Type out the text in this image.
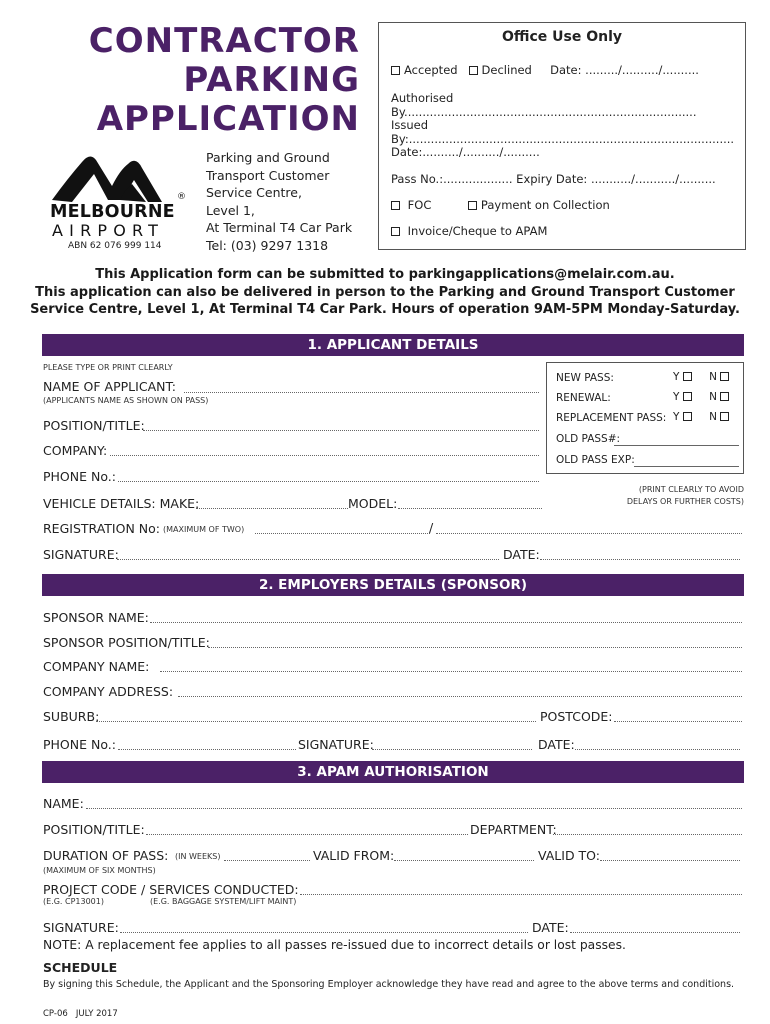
CONTRACTOR
PARKING
APPLICATION
MELBOURNE
®
AIRPORT
ABN 62 076 999 114
Parking and Ground
Transport Customer
Service Centre,
Level 1,
At Terminal T4 Car Park
Tel: (03) 9297 1318
Office Use Only
Accepted Declined Date: ........./........../..........
Authorised By................................................................................
Issued By:.........................................................................................
Date:........../........../..........
Pass No.:................... Expiry Date: .........../.........../..........
FOC	Payment on Collection
Invoice/Cheque to APAM
This Application form can be submitted to parkingapplications@melair.com.au.
This application can also be delivered in person to the Parking and Ground Transport Customer
Service Centre, Level 1, At Terminal T4 Car Park. Hours of operation 9AM-5PM Monday-Saturday.
1. APPLICANT DETAILS
PLEASE TYPE OR PRINT CLEARLY
NAME OF APPLICANT:
(APPLICANTS NAME AS SHOWN ON PASS)
POSITION/TITLE:
COMPANY:
PHONE No.:
VEHICLE DETAILS: MAKE:	MODEL:
REGISTRATION No: (MAXIMUM OF TWO)	/
SIGNATURE:	DATE:
NEW PASS:	Y	N
RENEWAL:	Y	N
REPLACEMENT PASS: Y	N
OLD PASS#:
OLD PASS EXP:
(PRINT CLEARLY TO AVOID
DELAYS OR FURTHER COSTS)
2. EMPLOYERS DETAILS (SPONSOR)
SPONSOR NAME:
SPONSOR POSITION/TITLE:
COMPANY NAME:
COMPANY ADDRESS:
SUBURB:	POSTCODE:
PHONE No.:	SIGNATURE:	DATE:
3. APAM AUTHORISATION
NAME:
POSITION/TITLE:	DEPARTMENT:
DURATION OF PASS: (IN WEEKS)	VALID FROM:	VALID TO:
(MAXIMUM OF SIX MONTHS)
PROJECT CODE / SERVICES CONDUCTED:
(E.G. CP13001)	(E.G. BAGGAGE SYSTEM/LIFT MAINT)
SIGNATURE:	DATE:
NOTE: A replacement fee applies to all passes re-issued due to incorrect details or lost passes.
SCHEDULE
By signing this Schedule, the Applicant and the Sponsoring Employer acknowledge they have read and agree to the above terms and conditions.
CP-06   JULY 2017
